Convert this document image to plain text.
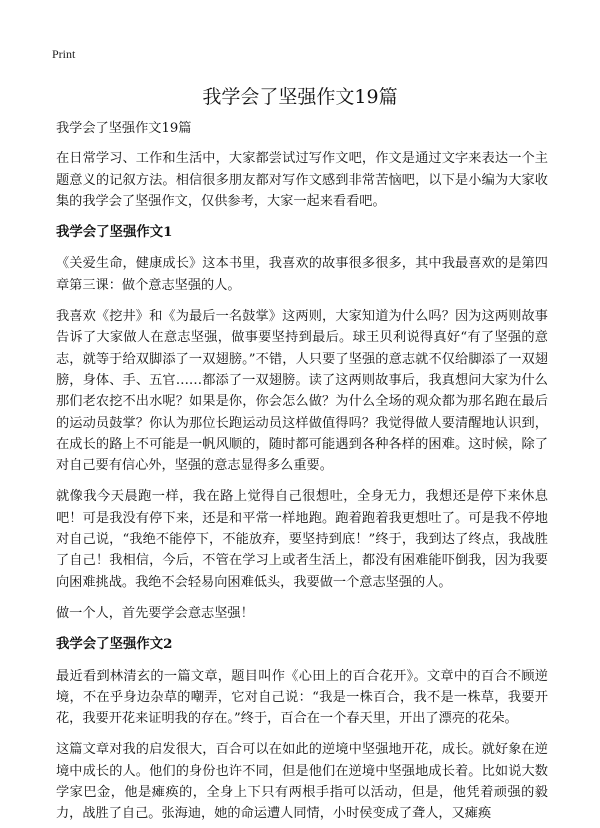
Print
我学会了坚强作文19篇

我学会了坚强作文19篇

在日常学习、工作和生活中，大家都尝试过写作文吧，作文是通过文字来表达一个主题意义的记叙方法。相信很多朋友都对写作文感到非常苦恼吧，以下是小编为大家收集的我学会了坚强作文，仅供参考，大家一起来看看吧。

我学会了坚强作文1

《关爱生命，健康成长》这本书里，我喜欢的故事很多很多，其中我最喜欢的是第四章第三课：做个意志坚强的人。

我喜欢《挖井》和《为最后一名鼓掌》这两则，大家知道为什么吗？因为这两则故事告诉了大家做人在意志坚强，做事要坚持到最后。球王贝利说得真好“有了坚强的意志，就等于给双脚添了一双翅膀。”不错，人只要了坚强的意志就不仅给脚添了一双翅膀，身体、手、五官……都添了一双翅膀。读了这两则故事后，我真想问大家为什么那们老农挖不出水呢？如果是你，你会怎么做？为什么全场的观众都为那名跑在最后的运动员鼓掌？你认为那位长跑运动员这样做值得吗？我觉得做人要清醒地认识到，在成长的路上不可能是一帆风顺的，随时都可能遇到各种各样的困难。这时候，除了对自己要有信心外，坚强的意志显得多么重要。

就像我今天晨跑一样，我在路上觉得自己很想吐，全身无力，我想还是停下来休息吧！可是我没有停下来，还是和平常一样地跑。跑着跑着我更想吐了。可是我不停地对自己说，“我绝不能停下，不能放弃，要坚持到底！”终于，我到达了终点，我战胜了自己！我相信，今后，不管在学习上或者生活上，都没有困难能吓倒我，因为我要向困难挑战。我绝不会轻易向困难低头，我要做一个意志坚强的人。

做一个人，首先要学会意志坚强！

我学会了坚强作文2

最近看到林清玄的一篇文章，题目叫作《心田上的百合花开》。文章中的百合不顾逆境，不在乎身边杂草的嘲弄，它对自己说：“我是一株百合，我不是一株草，我要开花，我要开花来证明我的存在。”终于，百合在一个春天里，开出了漂亮的花朵。

这篇文章对我的启发很大，百合可以在如此的逆境中坚强地开花，成长。就好象在逆境中成长的人。他们的身份也许不同，但是他们在逆境中坚强地成长着。比如说大数学家巴金，他是瘫痪的，全身上下只有两根手指可以活动，但是，他凭着顽强的毅力，战胜了自己。张海迪，她的命运遭人同情，小时侯变成了聋人，又瘫痪
